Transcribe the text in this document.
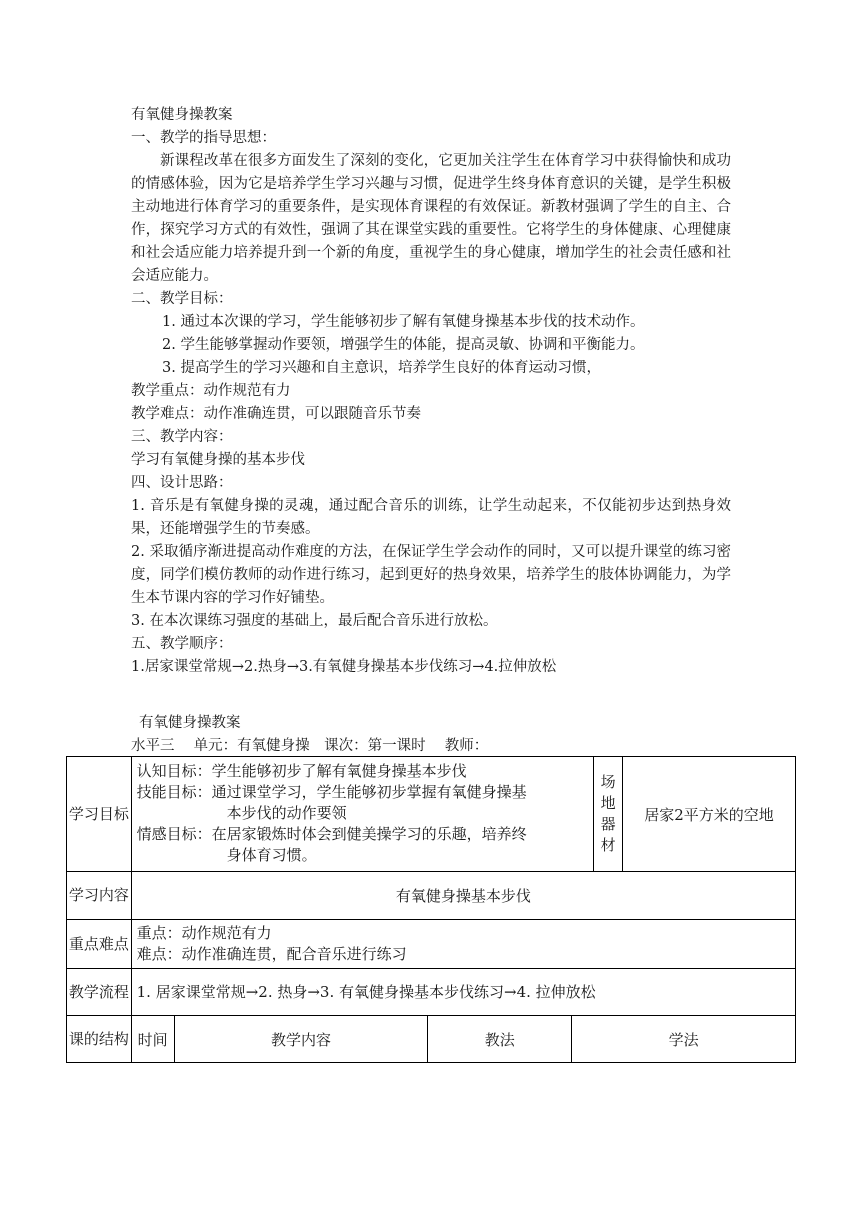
有氧健身操教案
一、教学的指导思想：
新课程改革在很多方面发生了深刻的变化，它更加关注学生在体育学习中获得愉快和成功的情感体验，因为它是培养学生学习兴趣与习惯，促进学生终身体育意识的关键，是学生积极主动地进行体育学习的重要条件，是实现体育课程的有效保证。新教材强调了学生的自主、合作，探究学习方式的有效性，强调了其在课堂实践的重要性。它将学生的身体健康、心理健康和社会适应能力培养提升到一个新的角度，重视学生的身心健康，增加学生的社会责任感和社会适应能力。
二、教学目标：
1. 通过本次课的学习，学生能够初步了解有氧健身操基本步伐的技术动作。
2. 学生能够掌握动作要领，增强学生的体能，提高灵敏、协调和平衡能力。
3. 提高学生的学习兴趣和自主意识，培养学生良好的体育运动习惯，
教学重点：动作规范有力
教学难点：动作准确连贯，可以跟随音乐节奏
三、教学内容：
学习有氧健身操的基本步伐
四、设计思路：
1. 音乐是有氧健身操的灵魂，通过配合音乐的训练，让学生动起来，不仅能初步达到热身效果，还能增强学生的节奏感。
2. 采取循序渐进提高动作难度的方法，在保证学生学会动作的同时，又可以提升课堂的练习密度，同学们模仿教师的动作进行练习，起到更好的热身效果，培养学生的肢体协调能力，为学生本节课内容的学习作好铺垫。
3. 在本次课练习强度的基础上，最后配合音乐进行放松。
五、教学顺序：
1.居家课堂常规→2.热身→3.有氧健身操基本步伐练习→4.拉伸放松
有氧健身操教案
水平三　 单元：有氧健身操　课次：第一课时　 教师：
学习目标	认知目标：学生能够初步了解有氧健身操基本步伐
技能目标：通过课堂学习，学生能够初步掌握有氧健身操基
本步伐的动作要领
情感目标：在居家锻炼时体会到健美操学习的乐趣，培养终
身体育习惯。				场地器材	居家2平方米的空地
学习内容	有氧健身操基本步伐					
重点难点	重点：动作规范有力
难点：动作准确连贯，配合音乐进行练习					

教学流程	1. 居家课堂常规→2. 热身→3. 有氧健身操基本步伐练习→4. 拉伸放松					
课的结构	时间	教学内容	教法	学法		
